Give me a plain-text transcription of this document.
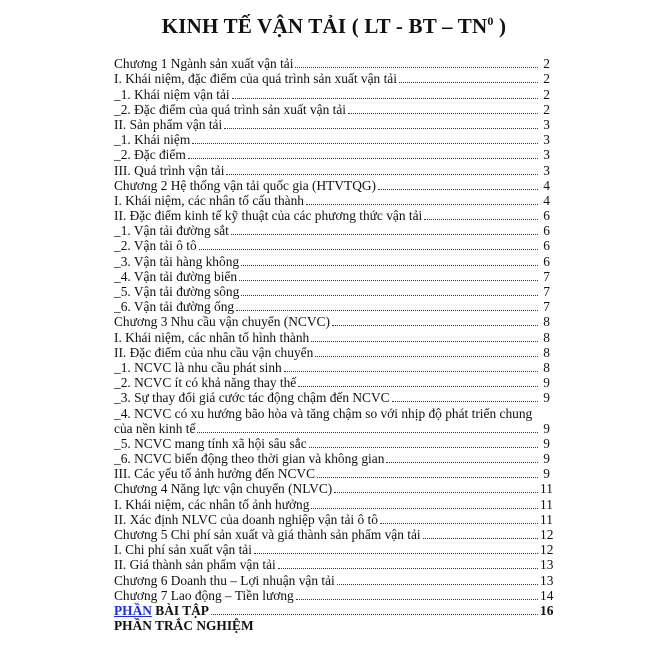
KINH TẾ VẬN TẢI ( LT - BT – $TN^0$ )
Chương 1 Ngành sản xuất vận tải	2
I. Khái niệm, đặc điểm của quá trình sản xuất vận tải	2
_1. Khái niệm vận tải	2
_2. Đặc điểm của quá trình sản xuất vận tải	2
II. Sản phẩm vận tải	3
_1. Khái niệm	3
_2. Đặc điểm	3
III. Quá trình vận tải	3
Chương 2 Hệ thống vận tải quốc gia (HTVTQG)	4
I. Khái niệm, các nhân tố cấu thành	4
II. Đặc điểm kinh tế kỹ thuật của các phương thức vận tải	6
_1. Vận tải đường sắt	6
_2. Vận tải ô tô	6
_3. Vận tải hàng không	6
_4. Vận tải đường biển	7
_5. Vận tải đường sông	7
_6. Vận tải đường ống	7
Chương 3 Nhu cầu vận chuyển (NCVC)	8
I. Khái niệm, các nhân tố hình thành	8
II. Đặc điểm của nhu cầu vận chuyển	8
_1. NCVC là nhu cầu phát sinh	8
_2. NCVC ít có khả năng thay thế	9
_3. Sự thay đổi giá cước tác động chậm đến NCVC	9
_4. NCVC có xu hướng bão hòa và tăng chậm so với nhịp độ phát triển chung
của nền kinh tế	9
_5. NCVC mang tính xã hội sâu sắc	9
_6. NCVC biến động theo thời gian và không gian	9
III. Các yếu tố ảnh hưởng đến NCVC	9
Chương 4 Năng lực vận chuyển (NLVC)	11
I. Khái niệm, các nhân tố ảnh hưởng	11
II. Xác định NLVC của doanh nghiệp vận tải ô tô	11
Chương 5 Chi phí sản xuất và giá thành sản phẩm vận tải	12
I. Chi phí sản xuất vận tải	12
II. Giá thành sản phẩm vận tải	13
Chương 6 Doanh thu – Lợi nhuận vận tải	13
Chương 7 Lao động – Tiền lương	14
PHẦN BÀI TẬP	16
PHẦN TRẮC NGHIỆM
